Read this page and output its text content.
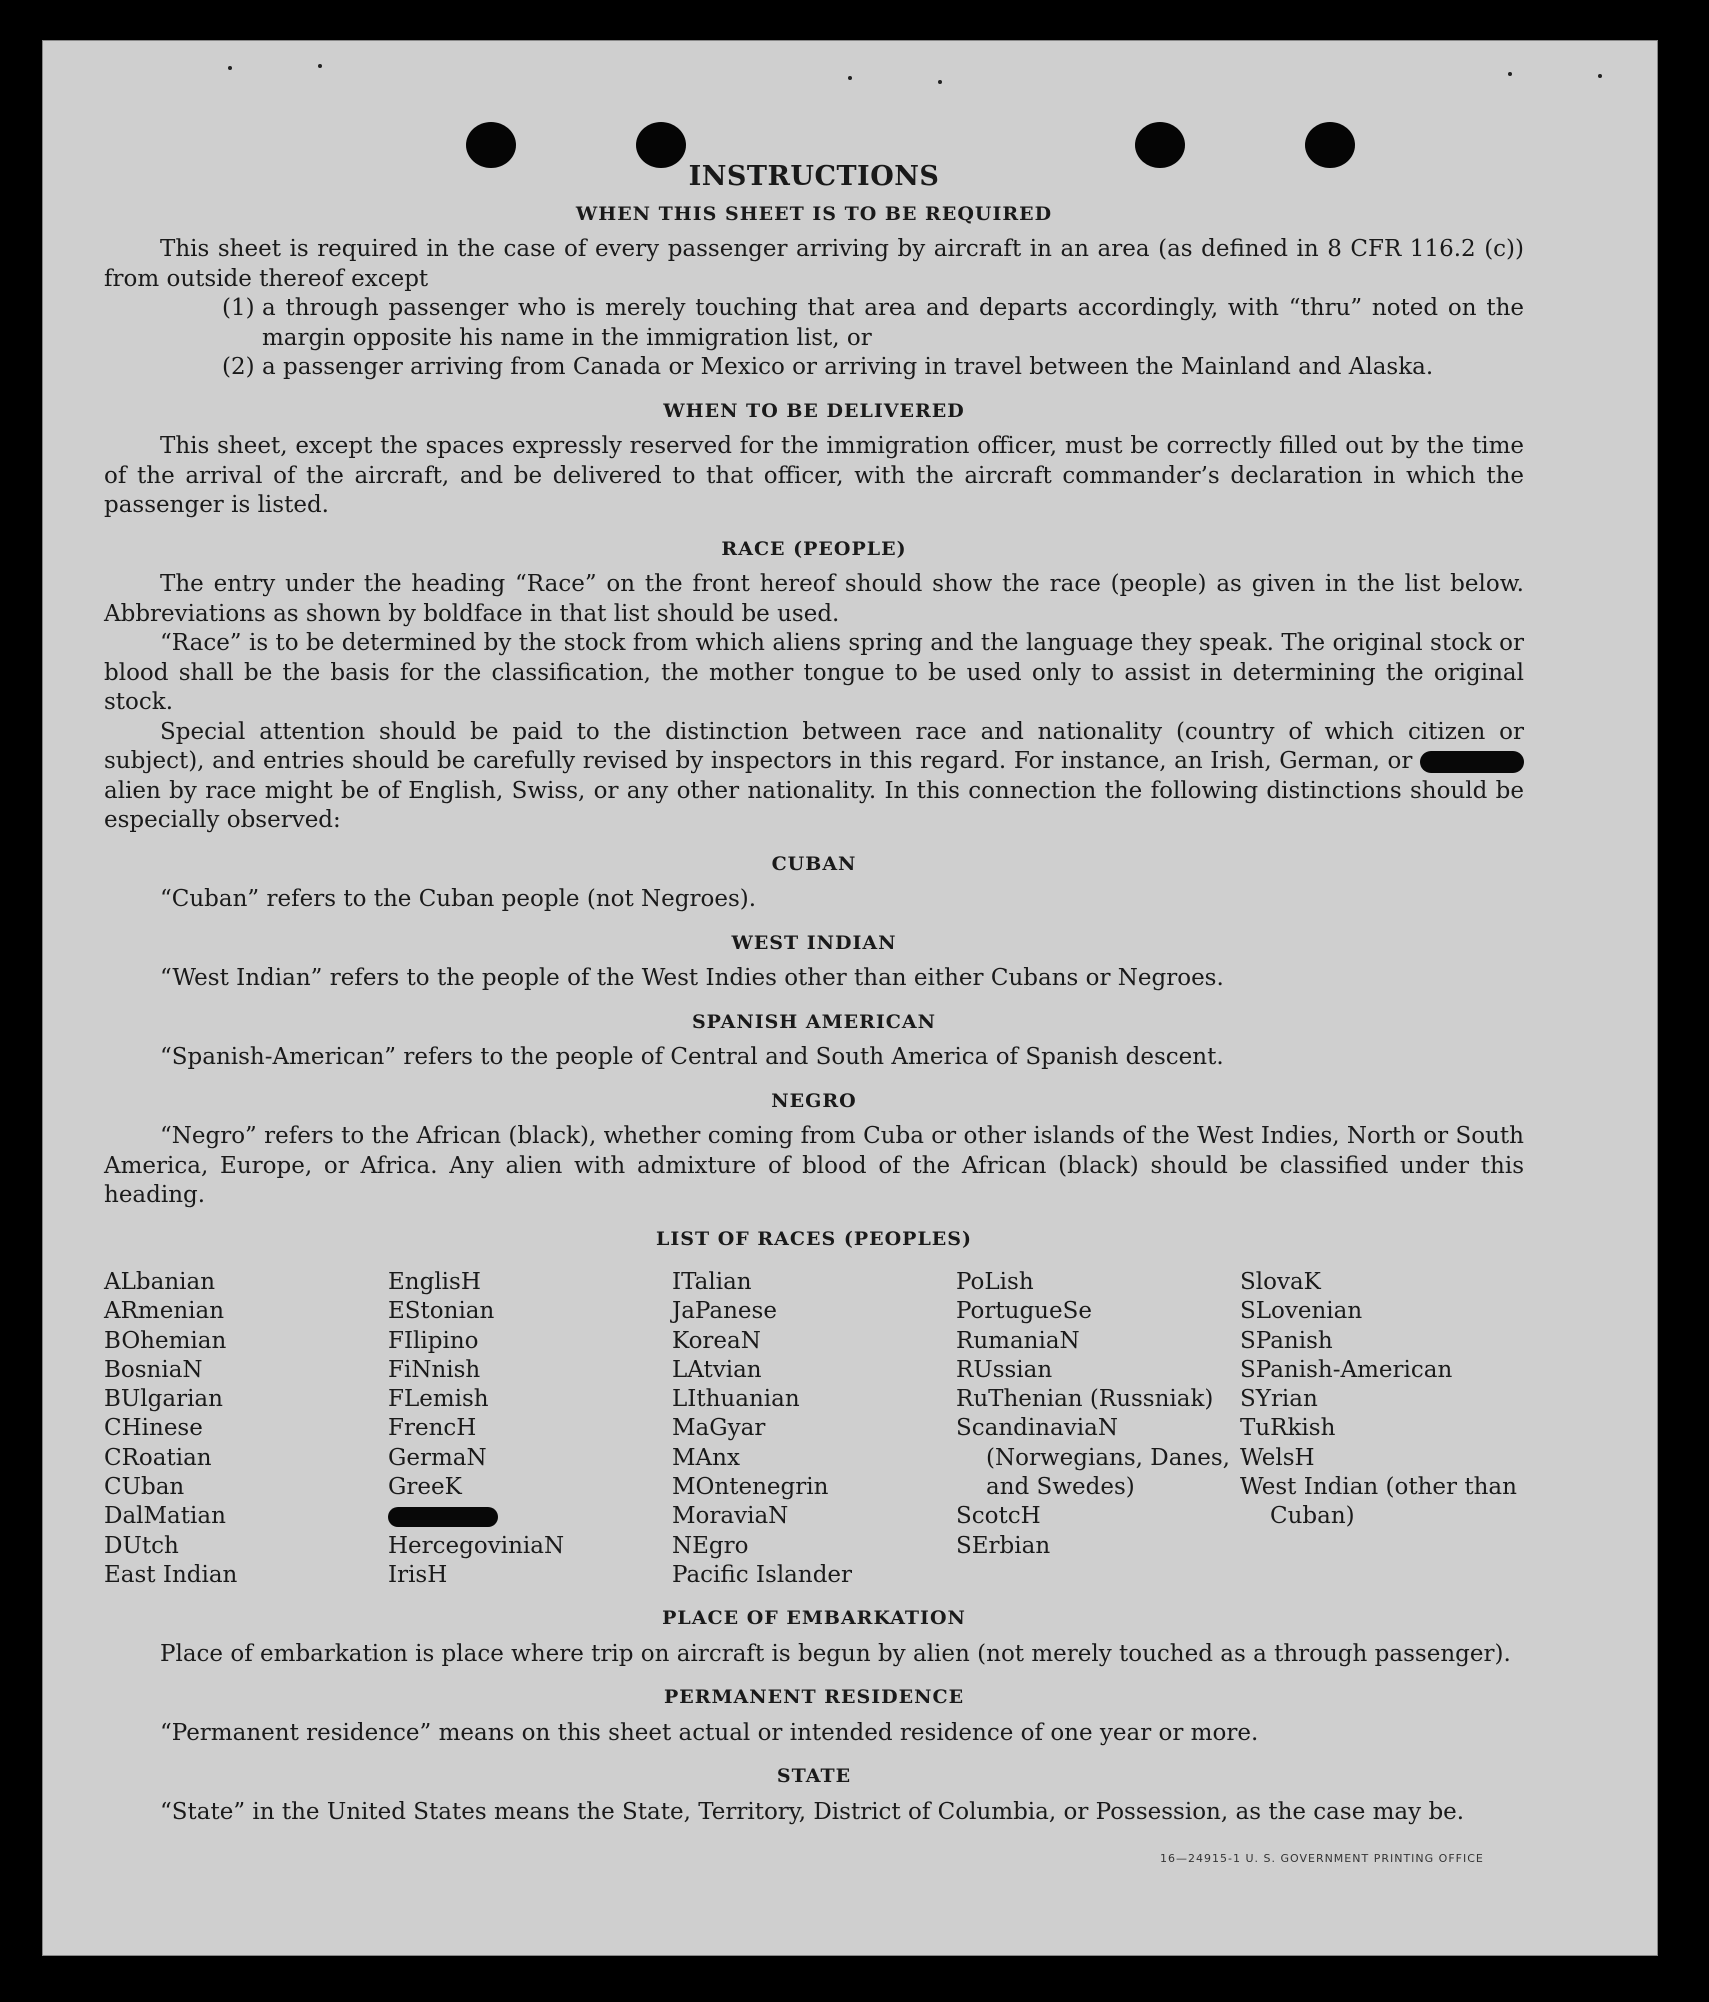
INSTRUCTIONS
WHEN THIS SHEET IS TO BE REQUIRED

This sheet is required in the case of every passenger arriving by aircraft in an area (as defined in 8 CFR 116.2 (c)) from outside thereof except

(1) a through passenger who is merely touching that area and departs accordingly, with “thru” noted on the margin opposite his name in the immigration list, or
(2) a passenger arriving from Canada or Mexico or arriving in travel between the Mainland and Alaska.
WHEN TO BE DELIVERED

This sheet, except the spaces expressly reserved for the immigration officer, must be correctly filled out by the time of the arrival of the aircraft, and be delivered to that officer, with the aircraft commander’s declaration in which the passenger is listed.

RACE (PEOPLE)

The entry under the heading “Race” on the front hereof should show the race (people) as given in the list below. Abbreviations as shown by boldface in that list should be used.

“Race” is to be determined by the stock from which aliens spring and the language they speak. The original stock or blood shall be the basis for the classification, the mother tongue to be used only to assist in determining the original stock.

Special attention should be paid to the distinction between race and nationality (country of which citizen or subject), and entries should be carefully revised by inspectors in this regard. For instance, an Irish, German, or  alien by race might be of English, Swiss, or any other nationality. In this connection the following distinctions should be especially observed:

CUBAN

“Cuban” refers to the Cuban people (not Negroes).

WEST INDIAN

“West Indian” refers to the people of the West Indies other than either Cubans or Negroes.

SPANISH AMERICAN

“Spanish-American” refers to the people of Central and South America of Spanish descent.

NEGRO

“Negro” refers to the African (black), whether coming from Cuba or other islands of the West Indies, North or South America, Europe, or Africa. Any alien with admixture of blood of the African (black) should be classified under this heading.

LIST OF RACES (PEOPLES)
ALbanian
ARmenian
BOhemian
BosniaN
BUlgarian
CHinese
CRoatian
CUban
DalMatian
DUtch
East Indian
EnglisH
EStonian
FIlipino
FiNnish
FLemish
FrencH
GermaN
GreeK
HercegoviniaN
IrisH
ITalian
JaPanese
KoreaN
LAtvian
LIthuanian
MaGyar
MAnx
MOntenegrin
MoraviaN
NEgro
Pacific Islander
PoLish
PortugueSe
RumaniaN
RUssian
RuThenian (Russniak)
ScandinaviaN (Norwegians, Danes, and Swedes)
ScotcH
SErbian
SlovaK
SLovenian
SPanish
SPanish-American
SYrian
TuRkish
WelsH
West Indian (other than Cuban)
PLACE OF EMBARKATION

Place of embarkation is place where trip on aircraft is begun by alien (not merely touched as a through passenger).

PERMANENT RESIDENCE

“Permanent residence” means on this sheet actual or intended residence of one year or more.

STATE

“State” in the United States means the State, Territory, District of Columbia, or Possession, as the case may be.

16—24915-1 U. S. GOVERNMENT PRINTING OFFICE
